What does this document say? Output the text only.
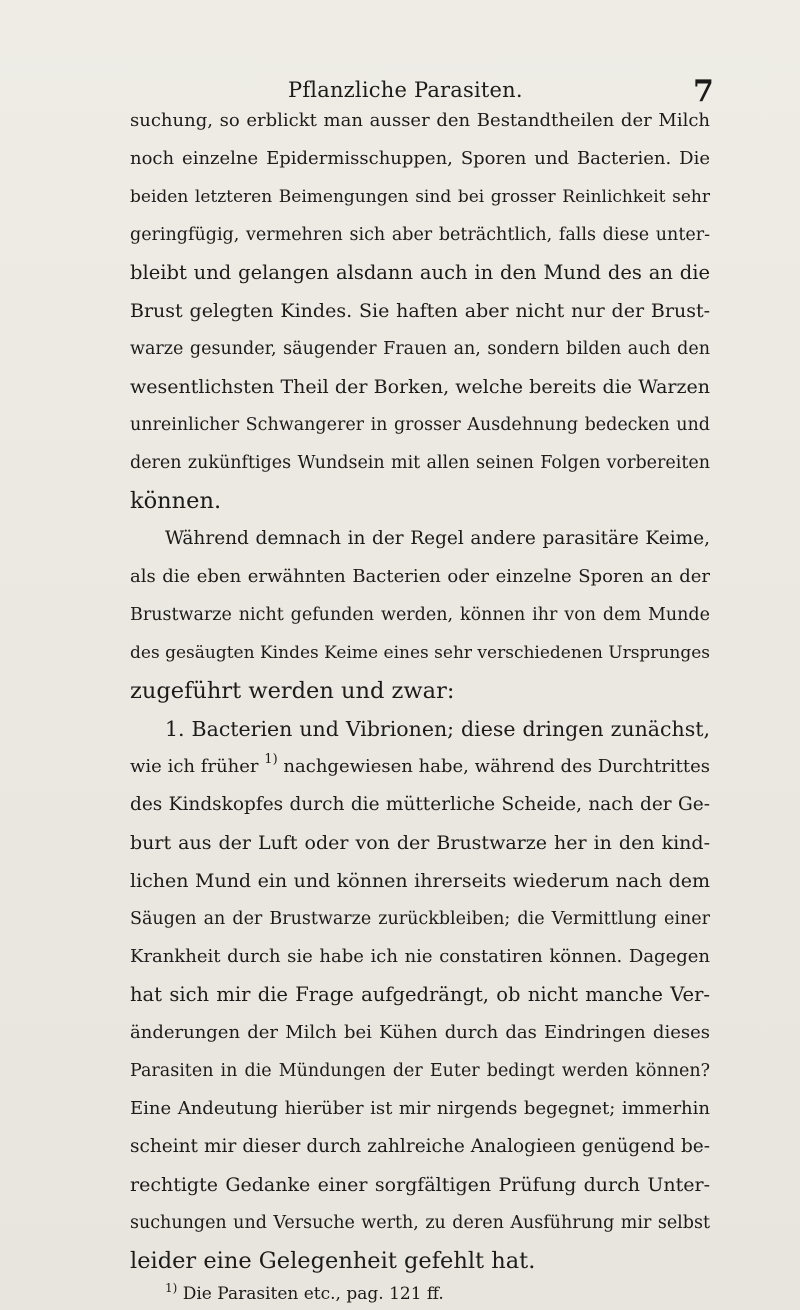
Pflanzliche Parasiten.	7
suchung, so erblickt man ausser den Bestandtheilen der Milch
noch einzelne Epidermisschuppen, Sporen und Bacterien. Die
beiden letzteren Beimengungen sind bei grosser Reinlichkeit sehr
geringfügig, vermehren sich aber beträchtlich, falls diese unter-
bleibt und gelangen alsdann auch in den Mund des an die
Brust gelegten Kindes. Sie haften aber nicht nur der Brust-
warze gesunder, säugender Frauen an, sondern bilden auch den
wesentlichsten Theil der Borken, welche bereits die Warzen
unreinlicher Schwangerer in grosser Ausdehnung bedecken und
deren zukünftiges Wundsein mit allen seinen Folgen vorbereiten
können.
Während demnach in der Regel andere parasitäre Keime,
als die eben erwähnten Bacterien oder einzelne Sporen an der
Brustwarze nicht gefunden werden, können ihr von dem Munde
des gesäugten Kindes Keime eines sehr verschiedenen Ursprunges
zugeführt werden und zwar:
1. Bacterien und Vibrionen; diese dringen zunächst,
wie ich früher $^{1)}$ nachgewiesen habe, während des Durchtrittes
des Kindskopfes durch die mütterliche Scheide, nach der Ge-
burt aus der Luft oder von der Brustwarze her in den kind-
lichen Mund ein und können ihrerseits wiederum nach dem
Säugen an der Brustwarze zurückbleiben; die Vermittlung einer
Krankheit durch sie habe ich nie constatiren können. Dagegen
hat sich mir die Frage aufgedrängt, ob nicht manche Ver-
änderungen der Milch bei Kühen durch das Eindringen dieses
Parasiten in die Mündungen der Euter bedingt werden können?
Eine Andeutung hierüber ist mir nirgends begegnet; immerhin
scheint mir dieser durch zahlreiche Analogieen genügend be-
rechtigte Gedanke einer sorgfältigen Prüfung durch Unter-
suchungen und Versuche werth, zu deren Ausführung mir selbst
leider eine Gelegenheit gefehlt hat.
$^{1)}$ Die Parasiten etc., pag. 121 ff.
